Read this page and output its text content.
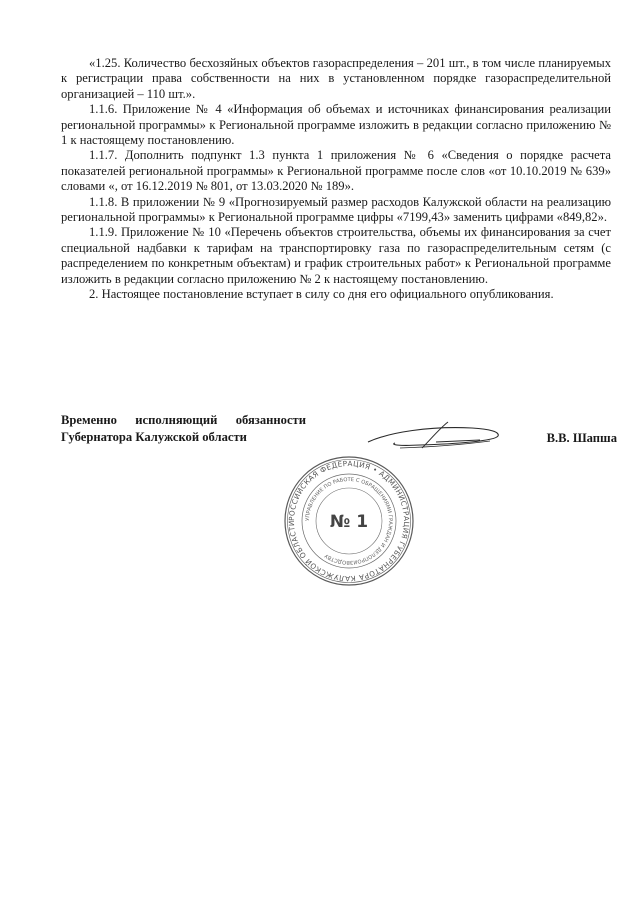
«1.25. Количество бесхозяйных объектов газораспределения – 201 шт., в том числе планируемых к регистрации права собственности на них в установленном порядке газораспределительной организацией – 110 шт.».

1.1.6. Приложение № 4 «Информация об объемах и источниках финансирования реализации региональной программы» к Региональной программе изложить в редакции согласно приложению № 1 к настоящему постановлению.

1.1.7. Дополнить подпункт 1.3 пункта 1 приложения № 6 «Сведения о порядке расчета показателей региональной программы» к Региональной программе после слов «от 10.10.2019 № 639» словами «, от 16.12.2019 № 801, от 13.03.2020 № 189».

1.1.8. В приложении № 9 «Прогнозируемый размер расходов Калужской области на реализацию региональной программы» к Региональной программе цифры «7199,43» заменить цифрами «849,82».

1.1.9. Приложение № 10 «Перечень объектов строительства, объемы их финансирования за счет специальной надбавки к тарифам на транспортировку газа по газораспределительным сетям (с распределением по конкретным объектам) и график строительных работ» к Региональной программе изложить в редакции согласно приложению № 2 к настоящему постановлению.

2. Настоящее постановление вступает в силу со дня его официального опубликования.

Временно исполняющий обязанности
Губернатора Калужской области	В.В. Шапша
РОССИЙСКАЯ ФЕДЕРАЦИЯ • АДМИНИСТРАЦИЯ ГУБЕРНАТОРА КАЛУЖСКОЙ ОБЛАСТИ
УПРАВЛЕНИЕ ПО РАБОТЕ С ОБРАЩЕНИЯМИ ГРАЖДАН И ДЕЛОПРОИЗВОДСТВУ
№ 1
